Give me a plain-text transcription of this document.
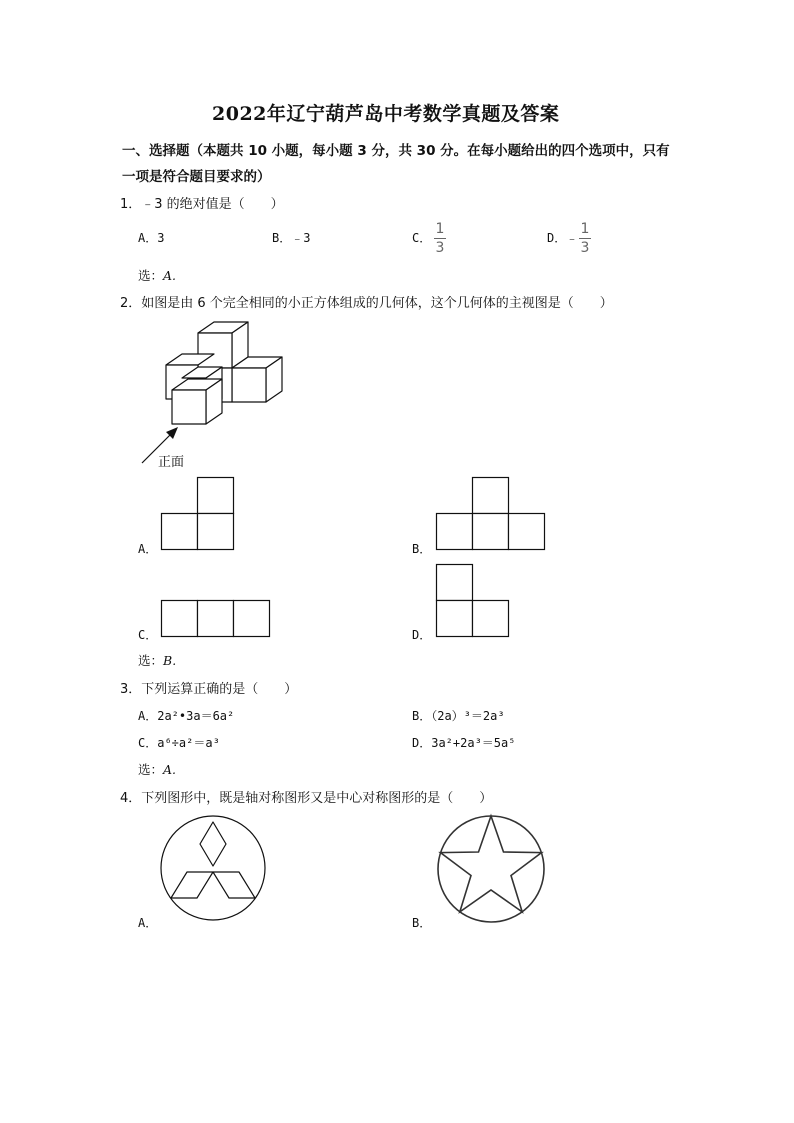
2022年辽宁葫芦岛中考数学真题及答案
一、选择题（本题共 10 小题，每小题 3 分，共 30 分。在每小题给出的四个选项中，只有
一项是符合题目要求的）
1．﹣3 的绝对值是（　　）
A．3	B．﹣3	C．
1
3
D． ﹣
1
3
选：A.
2．如图是由 6 个完全相同的小正方体组成的几何体，这个几何体的主视图是（　　）
正面
A．	B．
C．	D．
选：B.
3．下列运算正确的是（　　）
A．2a²•3a＝6a²	B．（2a）³＝2a³
C．a⁶÷a²＝a³	D．3a²+2a³＝5a⁵
选：A.
4．下列图形中，既是轴对称图形又是中心对称图形的是（　　）
A．	B．
